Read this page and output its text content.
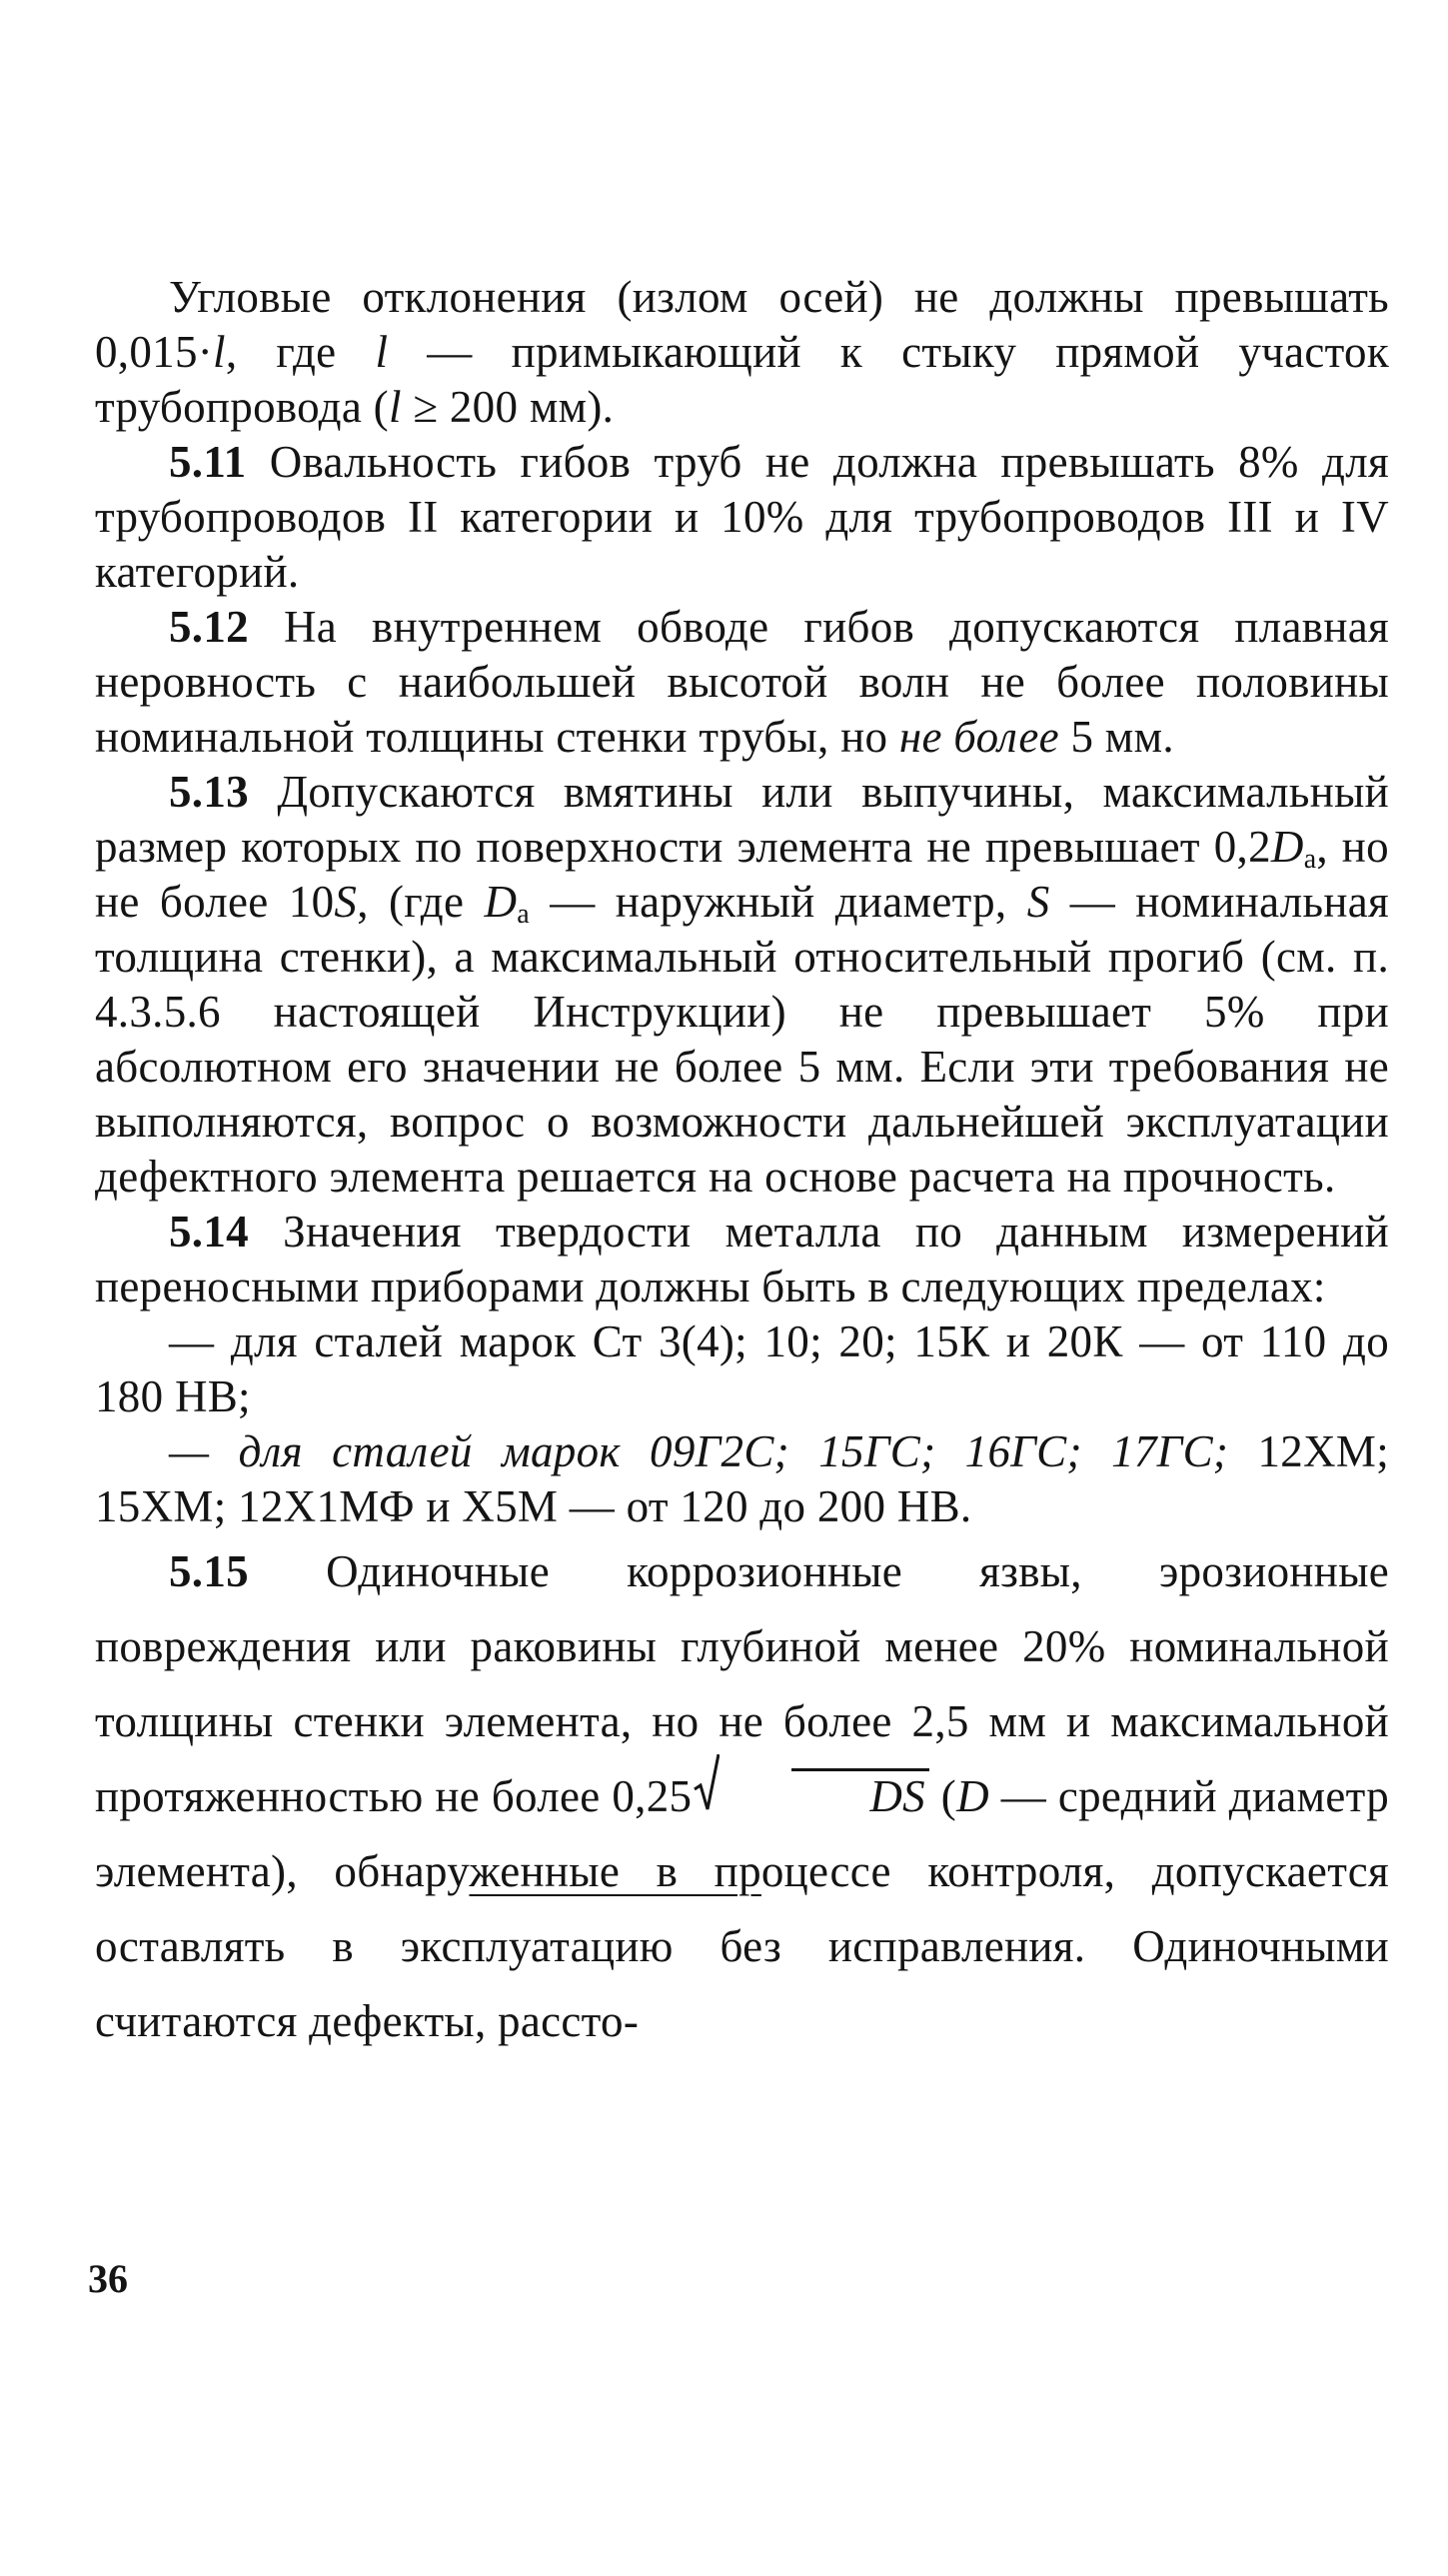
Угловые отклонения (излом осей) не должны превышать 0,015·l, где l — примыкающий к стыку прямой участок трубопровода (l ≥ 200 мм).

5.11 Овальность гибов труб не должна превышать 8% для трубопроводов II категории и 10% для трубопроводов III и IV категорий.

5.12 На внутреннем обводе гибов допускаются плавная неровность с наибольшей высотой волн не более половины номинальной толщины стенки трубы, но не более 5 мм.

5.13 Допускаются вмятины или выпучины, максимальный размер которых по поверхности элемента не превышает $0,2D_a$, но не более 10S, (где $D_a$ — наружный диаметр, S — номинальная толщина стенки), а максимальный относительный прогиб (см. п. 4.3.5.6 настоящей Инструкции) не превышает 5% при абсолютном его значении не более 5 мм. Если эти требования не выполняются, вопрос о возможности дальнейшей эксплуатации дефектного элемента решается на основе расчета на прочность.

5.14 Значения твердости металла по данным измерений переносными приборами должны быть в следующих пределах:

— для сталей марок Ст 3(4); 10; 20; 15К и 20К — от 110 до 180 НВ;

— для сталей марок 09Г2С; 15ГС; 16ГС; 17ГС; 12ХМ; 15ХМ; 12Х1МФ и Х5М — от 120 до 200 НВ.

5.15 Одиночные коррозионные язвы, эрозионные повреждения или раковины глубиной менее 20% номинальной толщины стенки элемента, но не более 2,5 мм и максимальной протяженностью не более 0,25	DS (D — средний диаметр элемента), обнаруженные в процессе контроля, допускается оставлять в эксплуатацию без исправления. Одиночными считаются дефекты, рассто-

36
